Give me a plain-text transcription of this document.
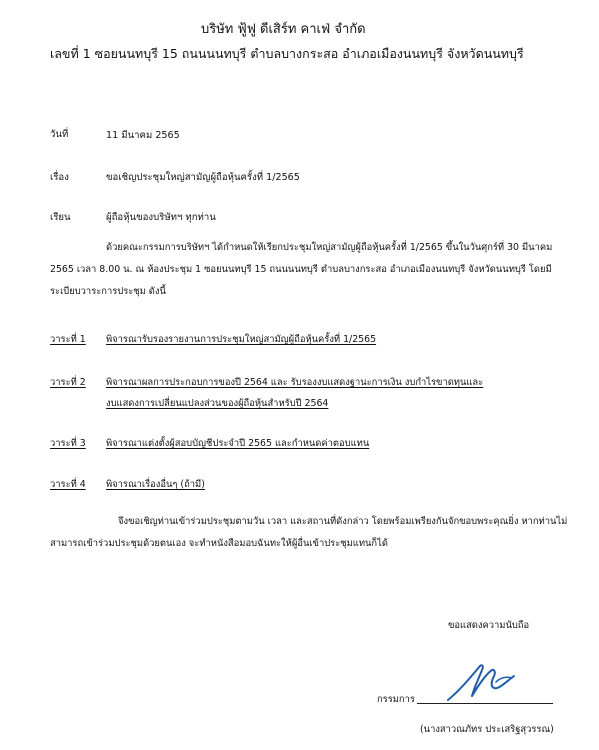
บริษัท ฟู้ฟู ดีเสิร์ท คาเฟ่ จำกัด
เลขที่ 1 ซอยนนทบุรี 15 ถนนนนทบุรี ตำบลบางกระสอ อำเภอเมืองนนทบุรี จังหวัดนนทบุรี
วันที่	11 มีนาคม 2565
เรื่อง	ขอเชิญประชุมใหญ่สามัญผู้ถือหุ้นครั้งที่ 1/2565
เรียน	ผู้ถือหุ้นของบริษัทฯ ทุกท่าน
ด้วยคณะกรรมการบริษัทฯ ได้กำหนดให้เรียกประชุมใหญ่สามัญผู้ถือหุ้นครั้งที่ 1/2565 ขึ้นในวันศุกร์ที่ 30 มีนาคม
2565 เวลา 8.00 น. ณ ห้องประชุม 1 ซอยนนทบุรี 15 ถนนนนทบุรี ตำบลบางกระสอ อำเภอเมืองนนทบุรี จังหวัดนนทบุรี โดยมี
ระเบียบวาระการประชุม ดังนี้
วาระที่ 1 พิจารณารับรองรายงานการประชุมใหญ่สามัญผู้ถือหุ้นครั้งที่ 1/2565
วาระที่ 2 พิจารณาผลการประกอบการของปี 2564 และ รับรองงบแสดงฐานะการเงิน งบกำไรขาดทุนและ
งบแสดงการเปลี่ยนแปลงส่วนของผู้ถือหุ้นสำหรับปี 2564
วาระที่ 3 พิจารณาแต่งตั้งผู้สอบบัญชีประจำปี 2565 และกำหนดค่าตอบแทน
วาระที่ 4 พิจารณาเรื่องอื่นๆ (ถ้ามี)
จึงขอเชิญท่านเข้าร่วมประชุมตามวัน เวลา และสถานที่ดังกล่าว โดยพร้อมเพรียงกันจักขอบพระคุณยิ่ง หากท่านไม่
สามารถเข้าร่วมประชุมด้วยตนเอง จะทำหนังสือมอบฉันทะให้ผู้อื่นเข้าประชุมแทนก็ได้
ขอแสดงความนับถือ
กรรมการ
(นางสาวณภัทร ประเสริฐสุวรรณ)
